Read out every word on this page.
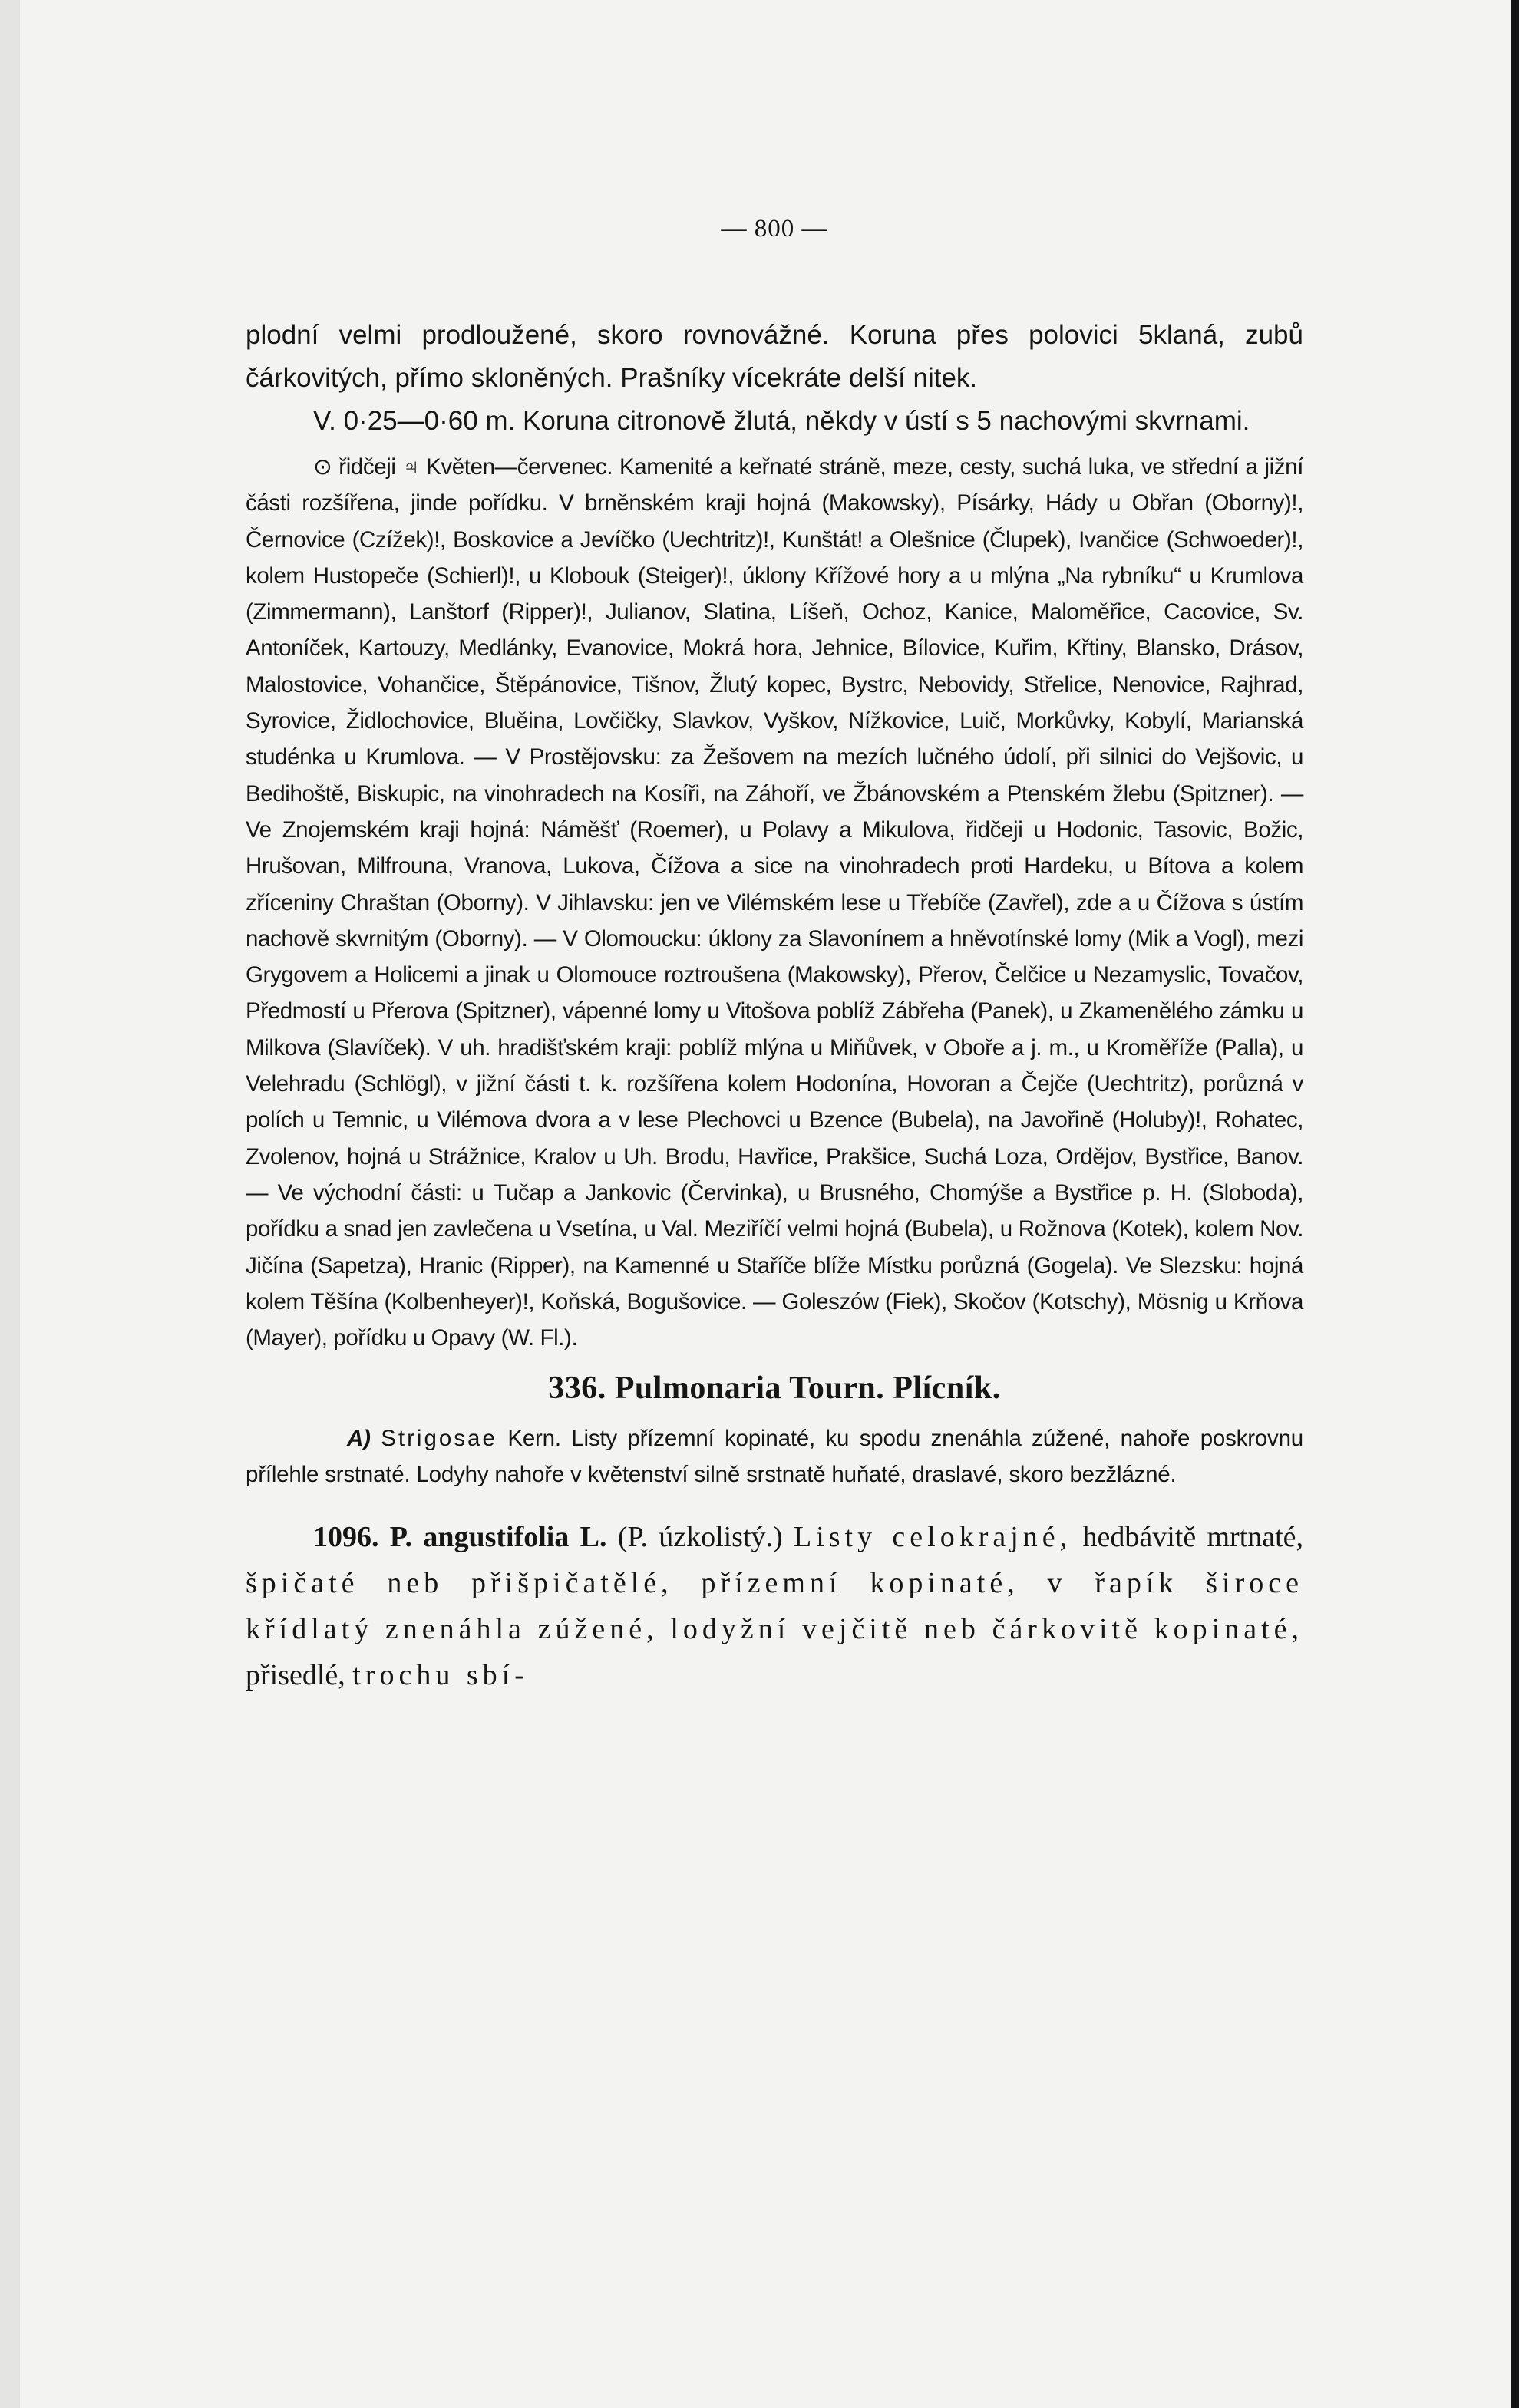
— 800 —

plodní velmi prodloužené, skoro rovnovážné. Koruna přes polovici 5klaná, zubů čárkovitých, přímo skloněných. Prašníky vícekráte delší nitek.

V. 0·25—0·60 m. Koruna citronově žlutá, někdy v ústí s 5 nachovými skvrnami.

⊙ řidčeji ♃ Květen—červenec. Kamenité a keřnaté stráně, meze, cesty, suchá luka, ve střední a jižní části rozšířena, jinde pořídku. V brněnském kraji hojná (Makowsky), Písárky, Hády u Obřan (Oborny)!, Černovice (Czížek)!, Boskovice a Jevíčko (Uechtritz)!, Kunštát! a Olešnice (Člupek), Ivančice (Schwoeder)!, kolem Hustopeče (Schierl)!, u Klobouk (Steiger)!, úklony Křížové hory a u mlýna „Na rybníku“ u Krumlova (Zimmermann), Lanštorf (Ripper)!, Julianov, Slatina, Líšeň, Ochoz, Kanice, Maloměřice, Cacovice, Sv. Antoníček, Kartouzy, Medlánky, Evanovice, Mokrá hora, Jehnice, Bílovice, Kuřim, Křtiny, Blansko, Drásov, Malostovice, Vohančice, Štěpánovice, Tišnov, Žlutý kopec, Bystrc, Nebovidy, Střelice, Nenovice, Rajhrad, Syrovice, Židlochovice, Bluěina, Lovčičky, Slavkov, Vyškov, Nížkovice, Luič, Morkůvky, Kobylí, Marianská studénka u Krumlova. — V Prostějovsku: za Žešovem na mezích lučného údolí, při silnici do Vejšovic, u Bedihoště, Biskupic, na vinohradech na Kosíři, na Záhoří, ve Žbánovském a Ptenském žlebu (Spitzner). — Ve Znojemském kraji hojná: Náměšť (Roemer), u Polavy a Mikulova, řidčeji u Hodonic, Tasovic, Božic, Hrušovan, Milfrouna, Vranova, Lukova, Čížova a sice na vinohradech proti Hardeku, u Bítova a kolem zříceniny Chraštan (Oborny). V Jihlavsku: jen ve Vilémském lese u Třebíče (Zavřel), zde a u Čížova s ústím nachově skvrnitým (Oborny). — V Olomoucku: úklony za Slavonínem a hněvotínské lomy (Mik a Vogl), mezi Grygovem a Holicemi a jinak u Olomouce roztroušena (Makowsky), Přerov, Čelčice u Nezamyslic, Tovačov, Předmostí u Přerova (Spitzner), vápenné lomy u Vitošova poblíž Zábřeha (Panek), u Zkamenělého zámku u Milkova (Slavíček). V uh. hradišťském kraji: poblíž mlýna u Miňůvek, v Oboře a j. m., u Kroměříže (Palla), u Velehradu (Schlögl), v jižní části t. k. rozšířena kolem Hodonína, Hovoran a Čejče (Uechtritz), porůzná v polích u Temnic, u Vilémova dvora a v lese Plechovci u Bzence (Bubela), na Javořině (Holuby)!, Rohatec, Zvolenov, hojná u Strážnice, Kralov u Uh. Brodu, Havřice, Prakšice, Suchá Loza, Ordějov, Bystřice, Banov. — Ve východní části: u Tučap a Jankovic (Červinka), u Brusného, Chomýše a Bystřice p. H. (Sloboda), pořídku a snad jen zavlečena u Vsetína, u Val. Meziříčí velmi hojná (Bubela), u Rožnova (Kotek), kolem Nov. Jičína (Sapetza), Hranic (Ripper), na Kamenné u Staříče blíže Místku porůzná (Gogela). Ve Slezsku: hojná kolem Těšína (Kolbenheyer)!, Koňská, Bogušovice. — Goleszów (Fiek), Skočov (Kotschy), Mösnig u Krňova (Mayer), pořídku u Opavy (W. Fl.).

336. Pulmonaria Tourn. Plícník.

A) Strigosae Kern. Listy přízemní kopinaté, ku spodu znenáhla zúžené, nahoře poskrovnu přílehle srstnaté. Lodyhy nahoře v květenství silně srstnatě huňaté, draslavé, skoro bezžlázné.

1096. P. angustifolia L. (P. úzkolistý.) Listy celokrajné, hedbávitě mrtnaté, špičaté neb přišpičatělé, přízemní kopinaté, v řapík široce křídlatý znenáhla zúžené, lodyžní vejčitě neb čárkovitě kopinaté, přisedlé, trochu sbí-
